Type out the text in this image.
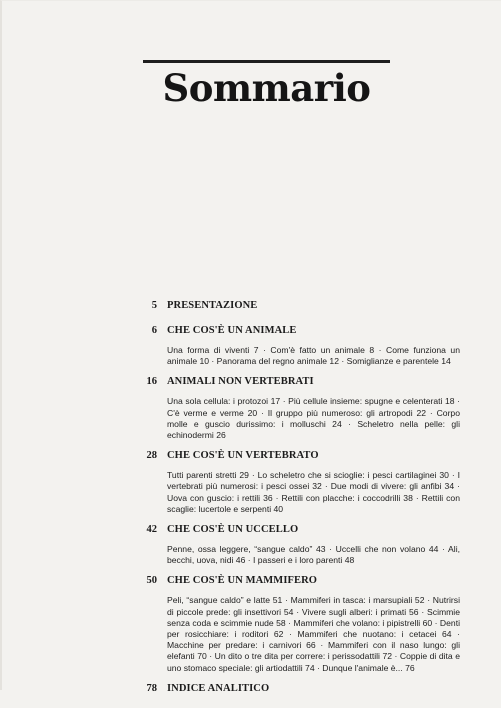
Sommario
5 PRESENTAZIONE
6 CHE COS'È UN ANIMALE
Una forma di viventi 7 · Com'è fatto un animale 8 · Come funziona un animale 10 · Panorama del regno animale 12 · Somiglianze e parentele 14
16 ANIMALI NON VERTEBRATI
Una sola cellula: i protozoi 17 · Più cellule insieme: spugne e celenterati 18 · C'è verme e verme 20 · Il gruppo più numeroso: gli artropodi 22 · Corpo molle e guscio durissimo: i molluschi 24 · Scheletro nella pelle: gli echinodermi 26
28 CHE COS'È UN VERTEBRATO
Tutti parenti stretti 29 · Lo scheletro che si scioglie: i pesci cartilaginei 30 · I vertebrati più numerosi: i pesci ossei 32 · Due modi di vivere: gli anfibi 34 · Uova con guscio: i rettili 36 · Rettili con placche: i coccodrilli 38 · Rettili con scaglie: lucertole e serpenti 40
42 CHE COS'È UN UCCELLO
Penne, ossa leggere, “sangue caldo” 43 · Uccelli che non volano 44 · Ali, becchi, uova, nidi 46 · I passeri e i loro parenti 48
50 CHE COS'È UN MAMMIFERO
Peli, “sangue caldo” e latte 51 · Mammiferi in tasca: i marsupiali 52 · Nutrirsi di piccole prede: gli insettivori 54 · Vivere sugli alberi: i primati 56 · Scimmie senza coda e scimmie nude 58 · Mammiferi che volano: i pipistrelli 60 · Denti per rosicchiare: i roditori 62 · Mammiferi che nuotano: i cetacei 64 · Macchine per predare: i carnivori 66 · Mammiferi con il naso lungo: gli elefanti 70 · Un dito o tre dita per correre: i perissodattili 72 · Coppie di dita e uno stomaco speciale: gli artiodattili 74 · Dunque l'animale è... 76
78 INDICE ANALITICO
